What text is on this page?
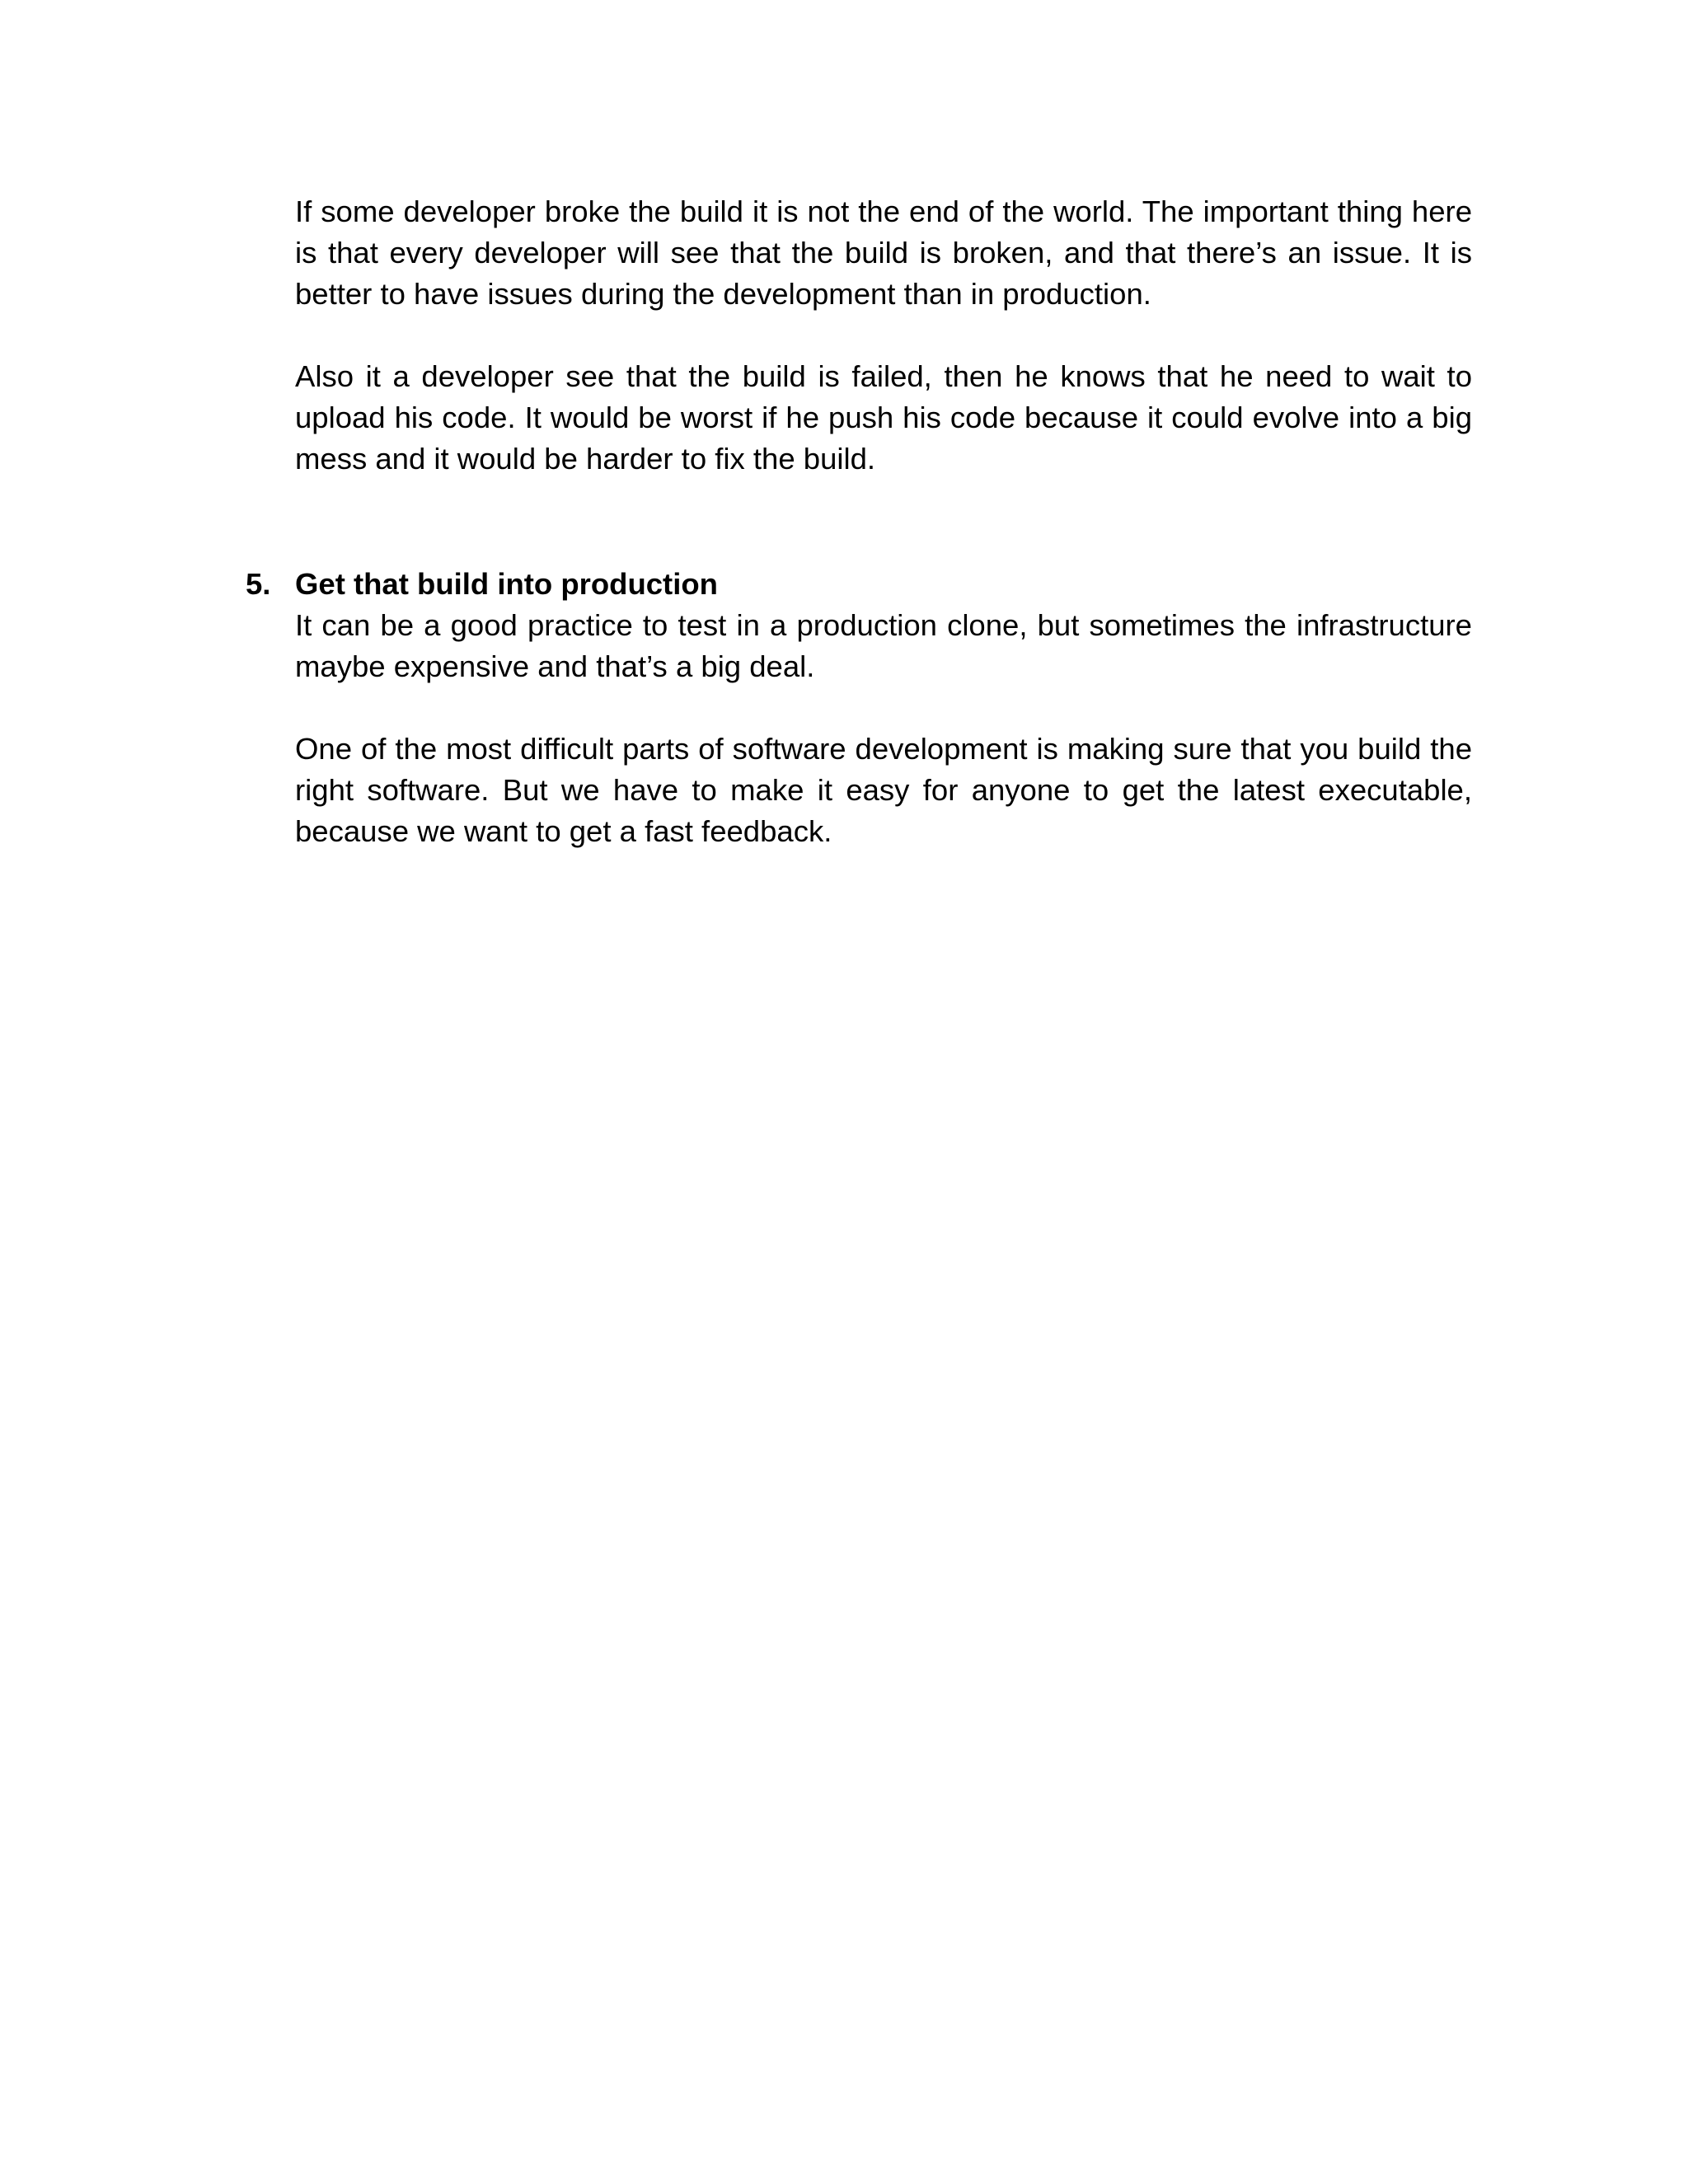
If some developer broke the build it is not the end of the world. The important thing here is that every developer will see that the build is broken, and that there’s an issue. It is better to have issues during the development than in production.

Also it a developer see that the build is failed, then he knows that he need to wait to upload his code. It would be worst if he push his code because it could evolve into a big mess and it would be harder to fix the build.

5. Get that build into production

It can be a good practice to test in a production clone, but sometimes the infrastructure maybe expensive and that’s a big deal.

One of the most difficult parts of software development is making sure that you build the right software. But we have to make it easy for anyone to get the latest executable, because we want to get a fast feedback.
